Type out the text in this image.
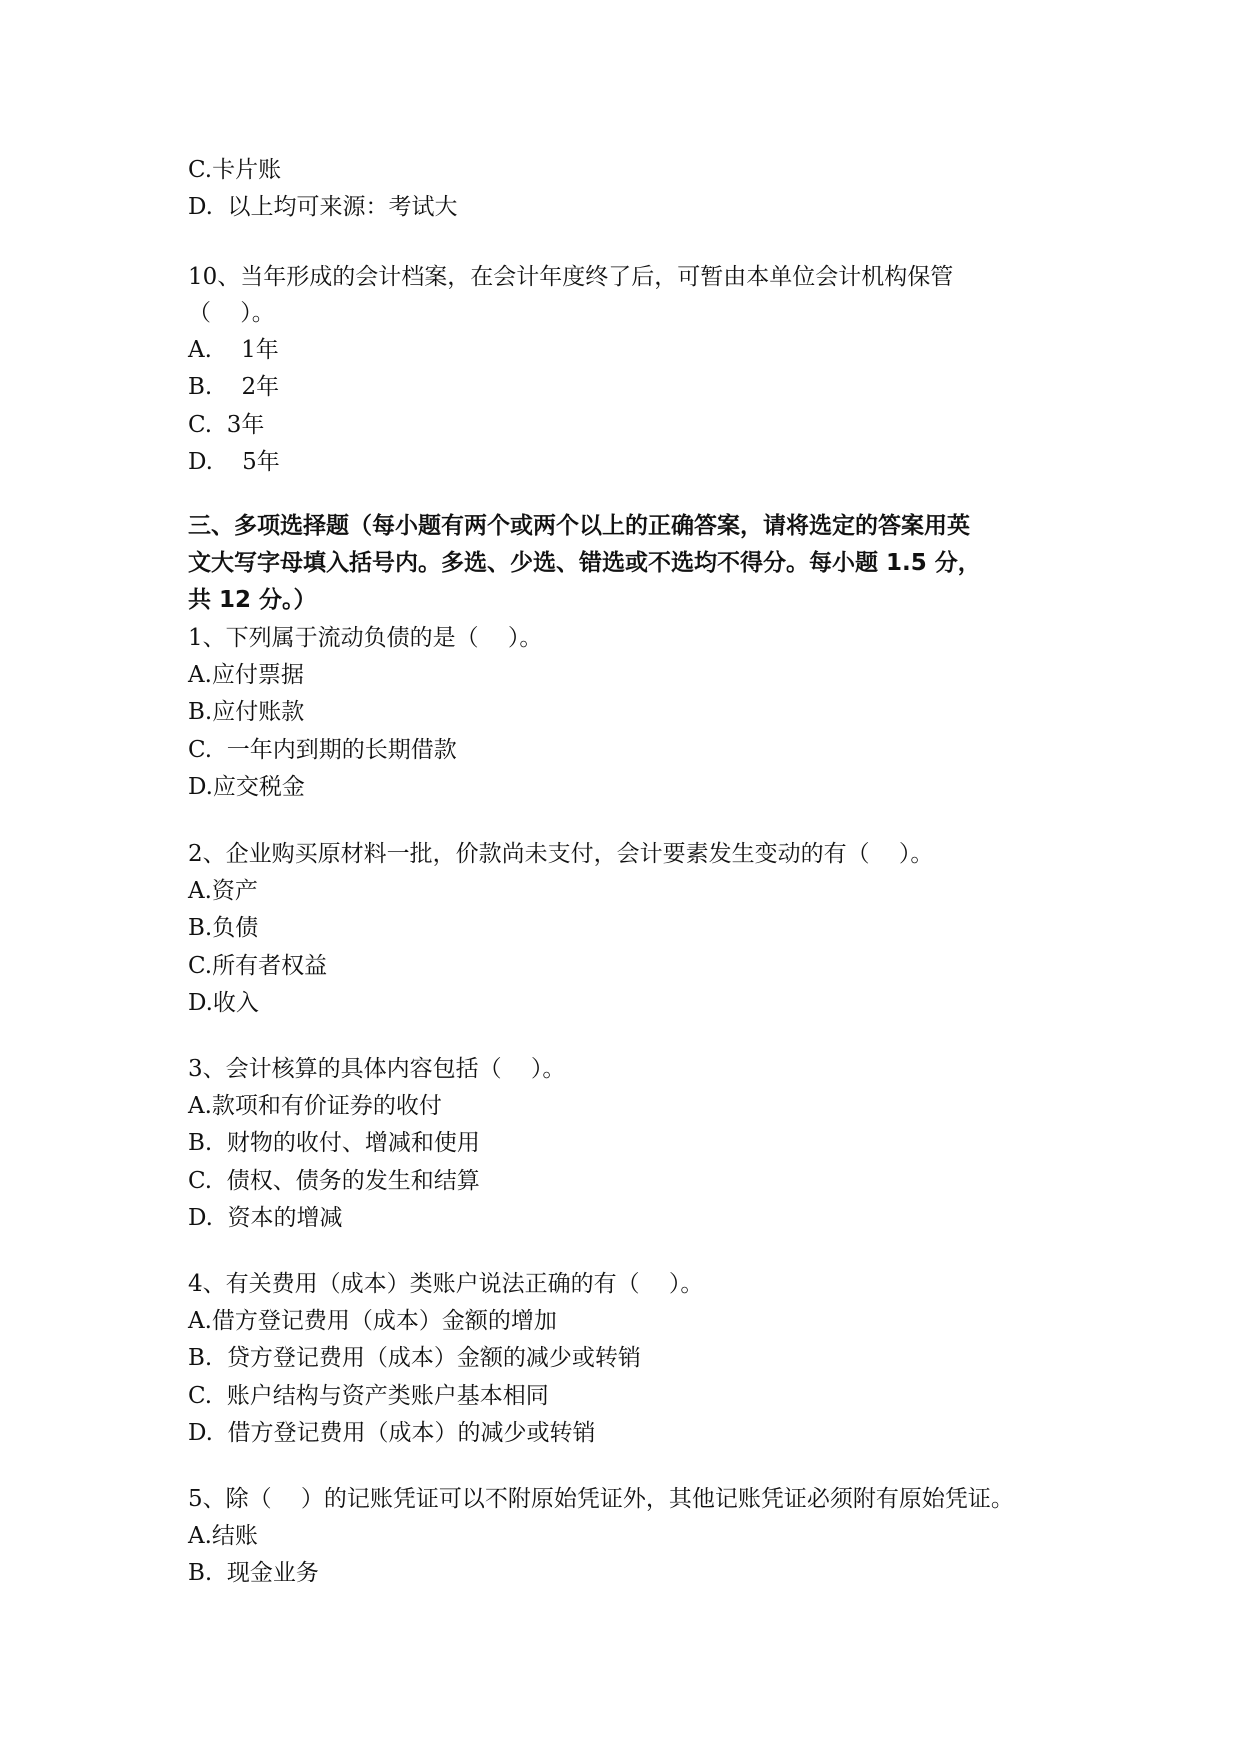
C.卡片账
D.  以上均可来源：考试大
10、当年形成的会计档案，在会计年度终了后，可暂由本单位会计机构保管
（    ）。
A.    1年
B.    2年
C.  3年
D.    5年
三、多项选择题（每小题有两个或两个以上的正确答案，请将选定的答案用英
文大写字母填入括号内。多选、少选、错选或不选均不得分。每小题 1.5 分，
共 12 分。）
1、下列属于流动负债的是（    ）。
A.应付票据
B.应付账款
C.  一年内到期的长期借款
D.应交税金
2、企业购买原材料一批，价款尚未支付，会计要素发生变动的有（    ）。
A.资产
B.负债
C.所有者权益
D.收入
3、会计核算的具体内容包括（    ）。
A.款项和有价证券的收付
B.  财物的收付、增减和使用
C.  债权、债务的发生和结算
D.  资本的增减
4、有关费用（成本）类账户说法正确的有（    ）。
A.借方登记费用（成本）金额的增加
B.  贷方登记费用（成本）金额的减少或转销
C.  账户结构与资产类账户基本相同
D.  借方登记费用（成本）的减少或转销
5、除（    ）的记账凭证可以不附原始凭证外，其他记账凭证必须附有原始凭证。
A.结账
B.  现金业务
